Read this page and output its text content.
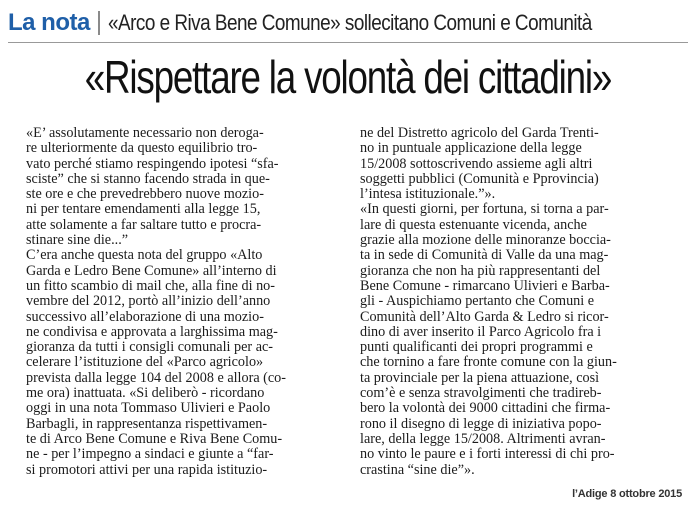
La nota «Arco e Riva Bene Comune» sollecitano Comuni e Comunità
«Rispettare la volontà dei cittadini»
«E’ assolutamente necessario non deroga-
re ulteriormente da questo equilibrio tro-
vato perché stiamo respingendo ipotesi “sfa-
sciste” che si stanno facendo strada in que-
ste ore e che prevedrebbero nuove mozio-
ni per tentare emendamenti alla legge 15,
atte solamente a far saltare tutto e procra-
stinare sine die...”
C’era anche questa nota del gruppo «Alto
Garda e Ledro Bene Comune» all’interno di
un fitto scambio di mail che, alla fine di no-
vembre del 2012, portò all’inizio dell’anno
successivo all’elaborazione di una mozio-
ne condivisa e approvata a larghissima mag-
gioranza da tutti i consigli comunali per ac-
celerare l’istituzione del «Parco agricolo»
prevista dalla legge 104 del 2008 e allora (co-
me ora) inattuata. «Si deliberò - ricordano
oggi in una nota Tommaso Ulivieri e Paolo
Barbagli, in rappresentanza rispettivamen-
te di Arco Bene Comune e Riva Bene Comu-
ne - per l’impegno a sindaci e giunte a “far-
si promotori attivi per una rapida istituzio-
ne del Distretto agricolo del Garda Trenti-
no in puntuale applicazione della legge
15/2008 sottoscrivendo assieme agli altri
soggetti pubblici (Comunità e Pprovincia)
l’intesa istituzionale.”».
«In questi giorni, per fortuna, si torna a par-
lare di questa estenuante vicenda, anche
grazie alla mozione delle minoranze boccia-
ta in sede di Comunità di Valle da una mag-
gioranza che non ha più rappresentanti del
Bene Comune - rimarcano Ulivieri e Barba-
gli - Auspichiamo pertanto che Comuni e
Comunità dell’Alto Garda & Ledro si ricor-
dino di aver inserito il Parco Agricolo fra i
punti qualificanti dei propri programmi e
che tornino a fare fronte comune con la giun-
ta provinciale per la piena attuazione, così
com’è e senza stravolgimenti che tradireb-
bero la volontà dei 9000 cittadini che firma-
rono il disegno di legge di iniziativa popo-
lare, della legge 15/2008. Altrimenti avran-
no vinto le paure e i forti interessi di chi pro-
crastina “sine die”».
l’Adige 8 ottobre 2015
